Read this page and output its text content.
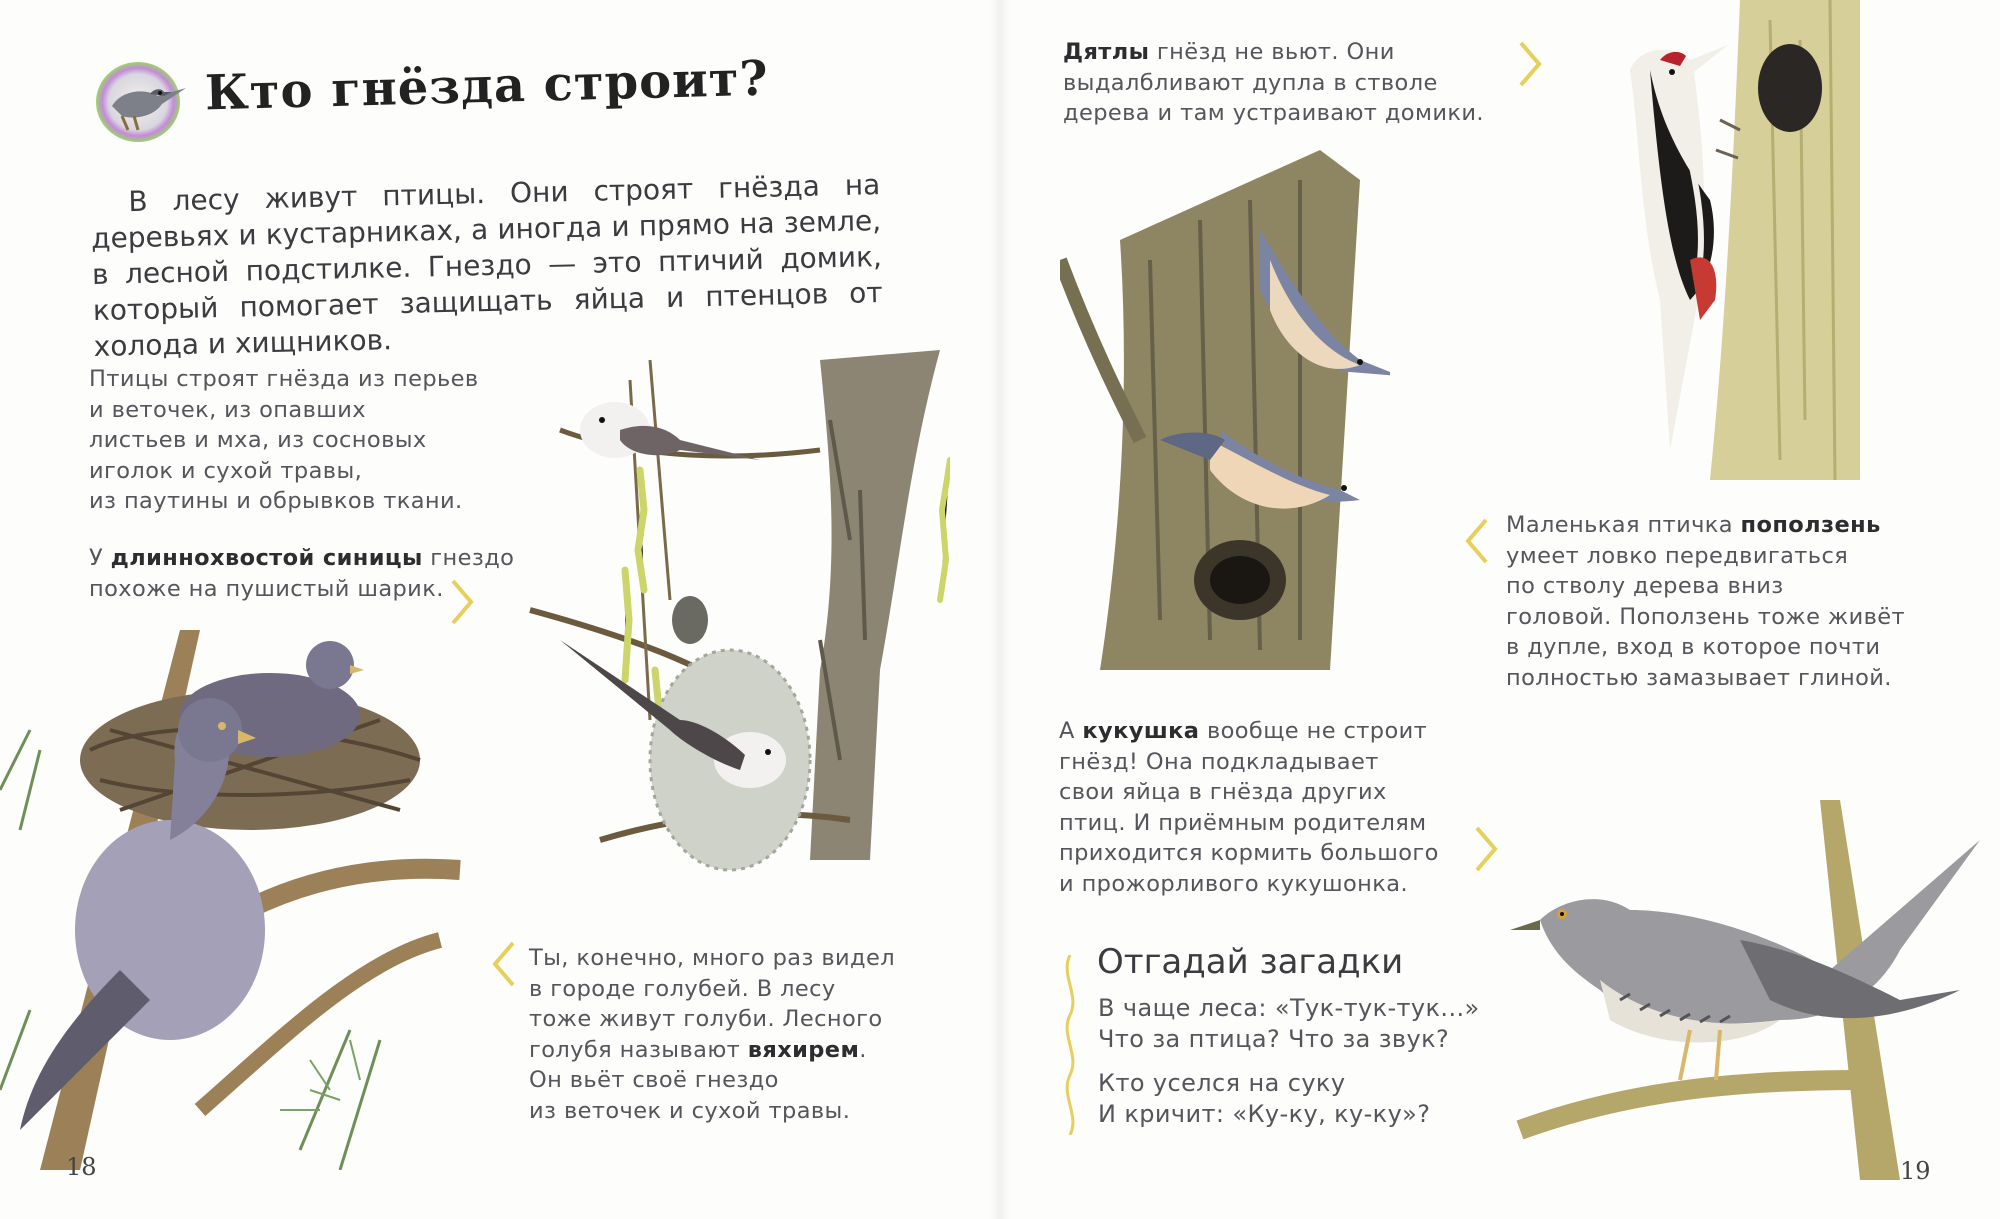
Кто гнёзда строит?

В лесу живут птицы. Они строят гнёзда на деревьях и кустарниках, а иногда и прямо на земле, в лесной подстилке. Гнездо — это птичий домик, который помогает защищать яйца и птенцов от холода и хищников.

Птицы строят гнёзда из перьев

и веточек, из опавших

листьев и мха, из сосновых

иголок и сухой травы,

из паутины и обрывков ткани.

У длиннохвостой синицы гнездо

похоже на пушистый шарик.

Ты, конечно, много раз видел

в городе голубей. В лесу

тоже живут голуби. Лесного

голубя называют вяхирем.

Он вьёт своё гнездо

из веточек и сухой травы.

18

Дятлы гнёзд не вьют. Они

выдалбливают дупла в стволе

дерева и там устраивают домики.

Маленькая птичка поползень

умеет ловко передвигаться

по стволу дерева вниз

головой. Поползень тоже живёт

в дупле, вход в которое почти

полностью замазывает глиной.

А кукушка вообще не строит

гнёзд! Она подкладывает

свои яйца в гнёзда других

птиц. И приёмным родителям

приходится кормить большого

и прожорливого кукушонка.

Отгадай загадки

В чаще леса: «Тук-тук-тук...»

Что за птица? Что за звук?

Кто уселся на суку

И кричит: «Ку-ку, ку-ку»?

19
